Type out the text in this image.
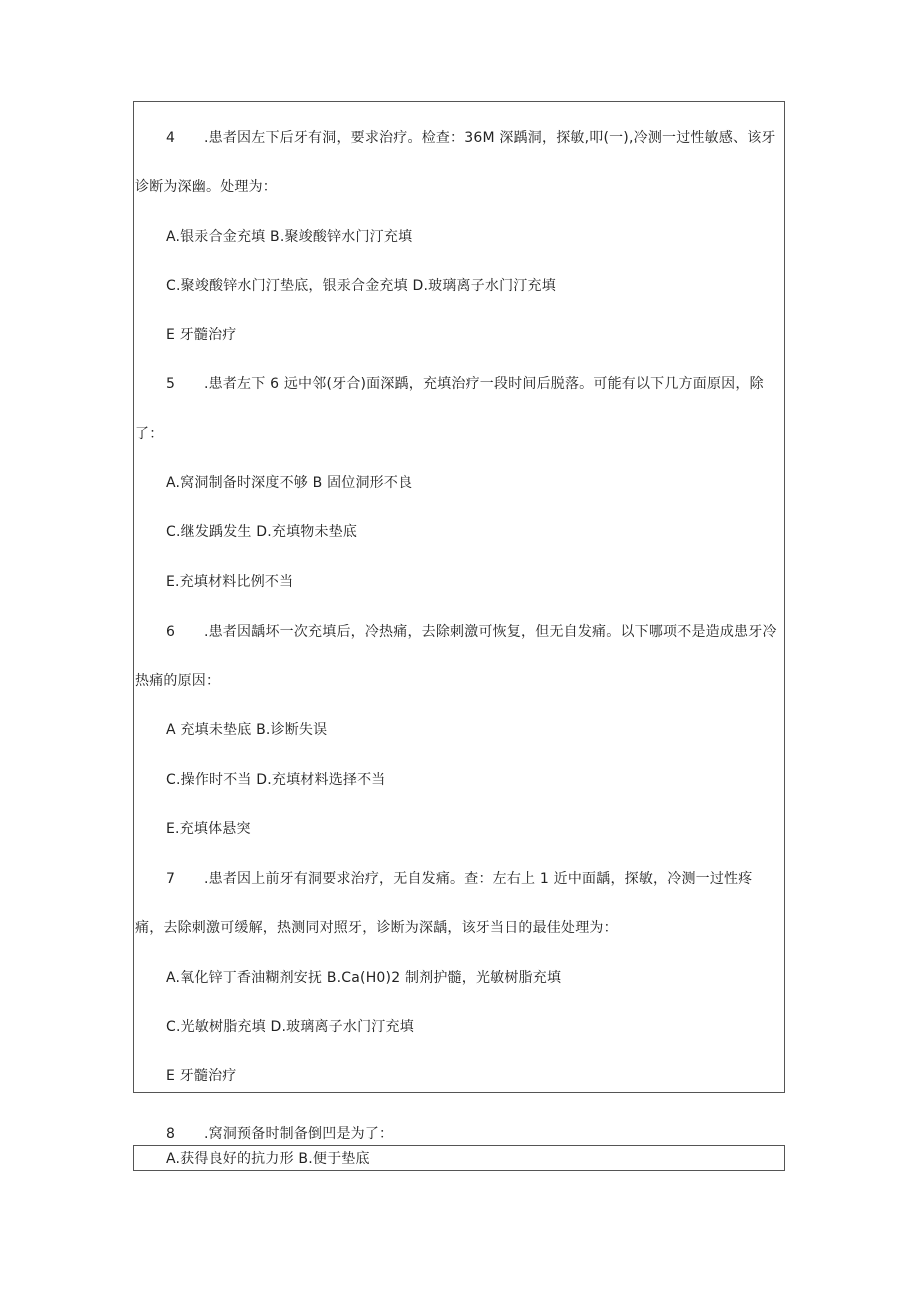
4 .患者因左下后牙有洞，要求治疗。检查：36M 深踽洞，探敏,叩(一),冷测一过性敏感、该牙
诊断为深幽。处理为：
A.银汞合金充填 B.聚竣酸锌水门汀充填
C.聚竣酸锌水门汀垫底，银汞合金充填 D.玻璃离子水门汀充填
E 牙髓治疗
5 .患者左下 6 远中邻(牙合)面深踽，充填治疗一段时间后脱落。可能有以下几方面原因，除
了：
A.窝洞制备时深度不够 B 固位洞形不良
C.继发踽发生 D.充填物未垫底
E.充填材料比例不当
6 .患者因龋坏一次充填后，冷热痛，去除刺激可恢复，但无自发痛。以下哪项不是造成患牙冷
热痛的原因：
A 充填未垫底 B.诊断失误
C.操作时不当 D.充填材料选择不当
E.充填体悬突
7 .患者因上前牙有洞要求治疗，无自发痛。查：左右上 1 近中面龋，探敏，冷测一过性疼
痛，去除刺激可缓解，热测同对照牙，诊断为深龋，该牙当日的最佳处理为：
A.氧化锌丁香油糊剂安抚 B.Ca(H0)2 制剂护髓，光敏树脂充填
C.光敏树脂充填 D.玻璃离子水门汀充填
E 牙髓治疗
8 .窝洞预备时制备倒凹是为了：
A.获得良好的抗力形 B.便于垫底
